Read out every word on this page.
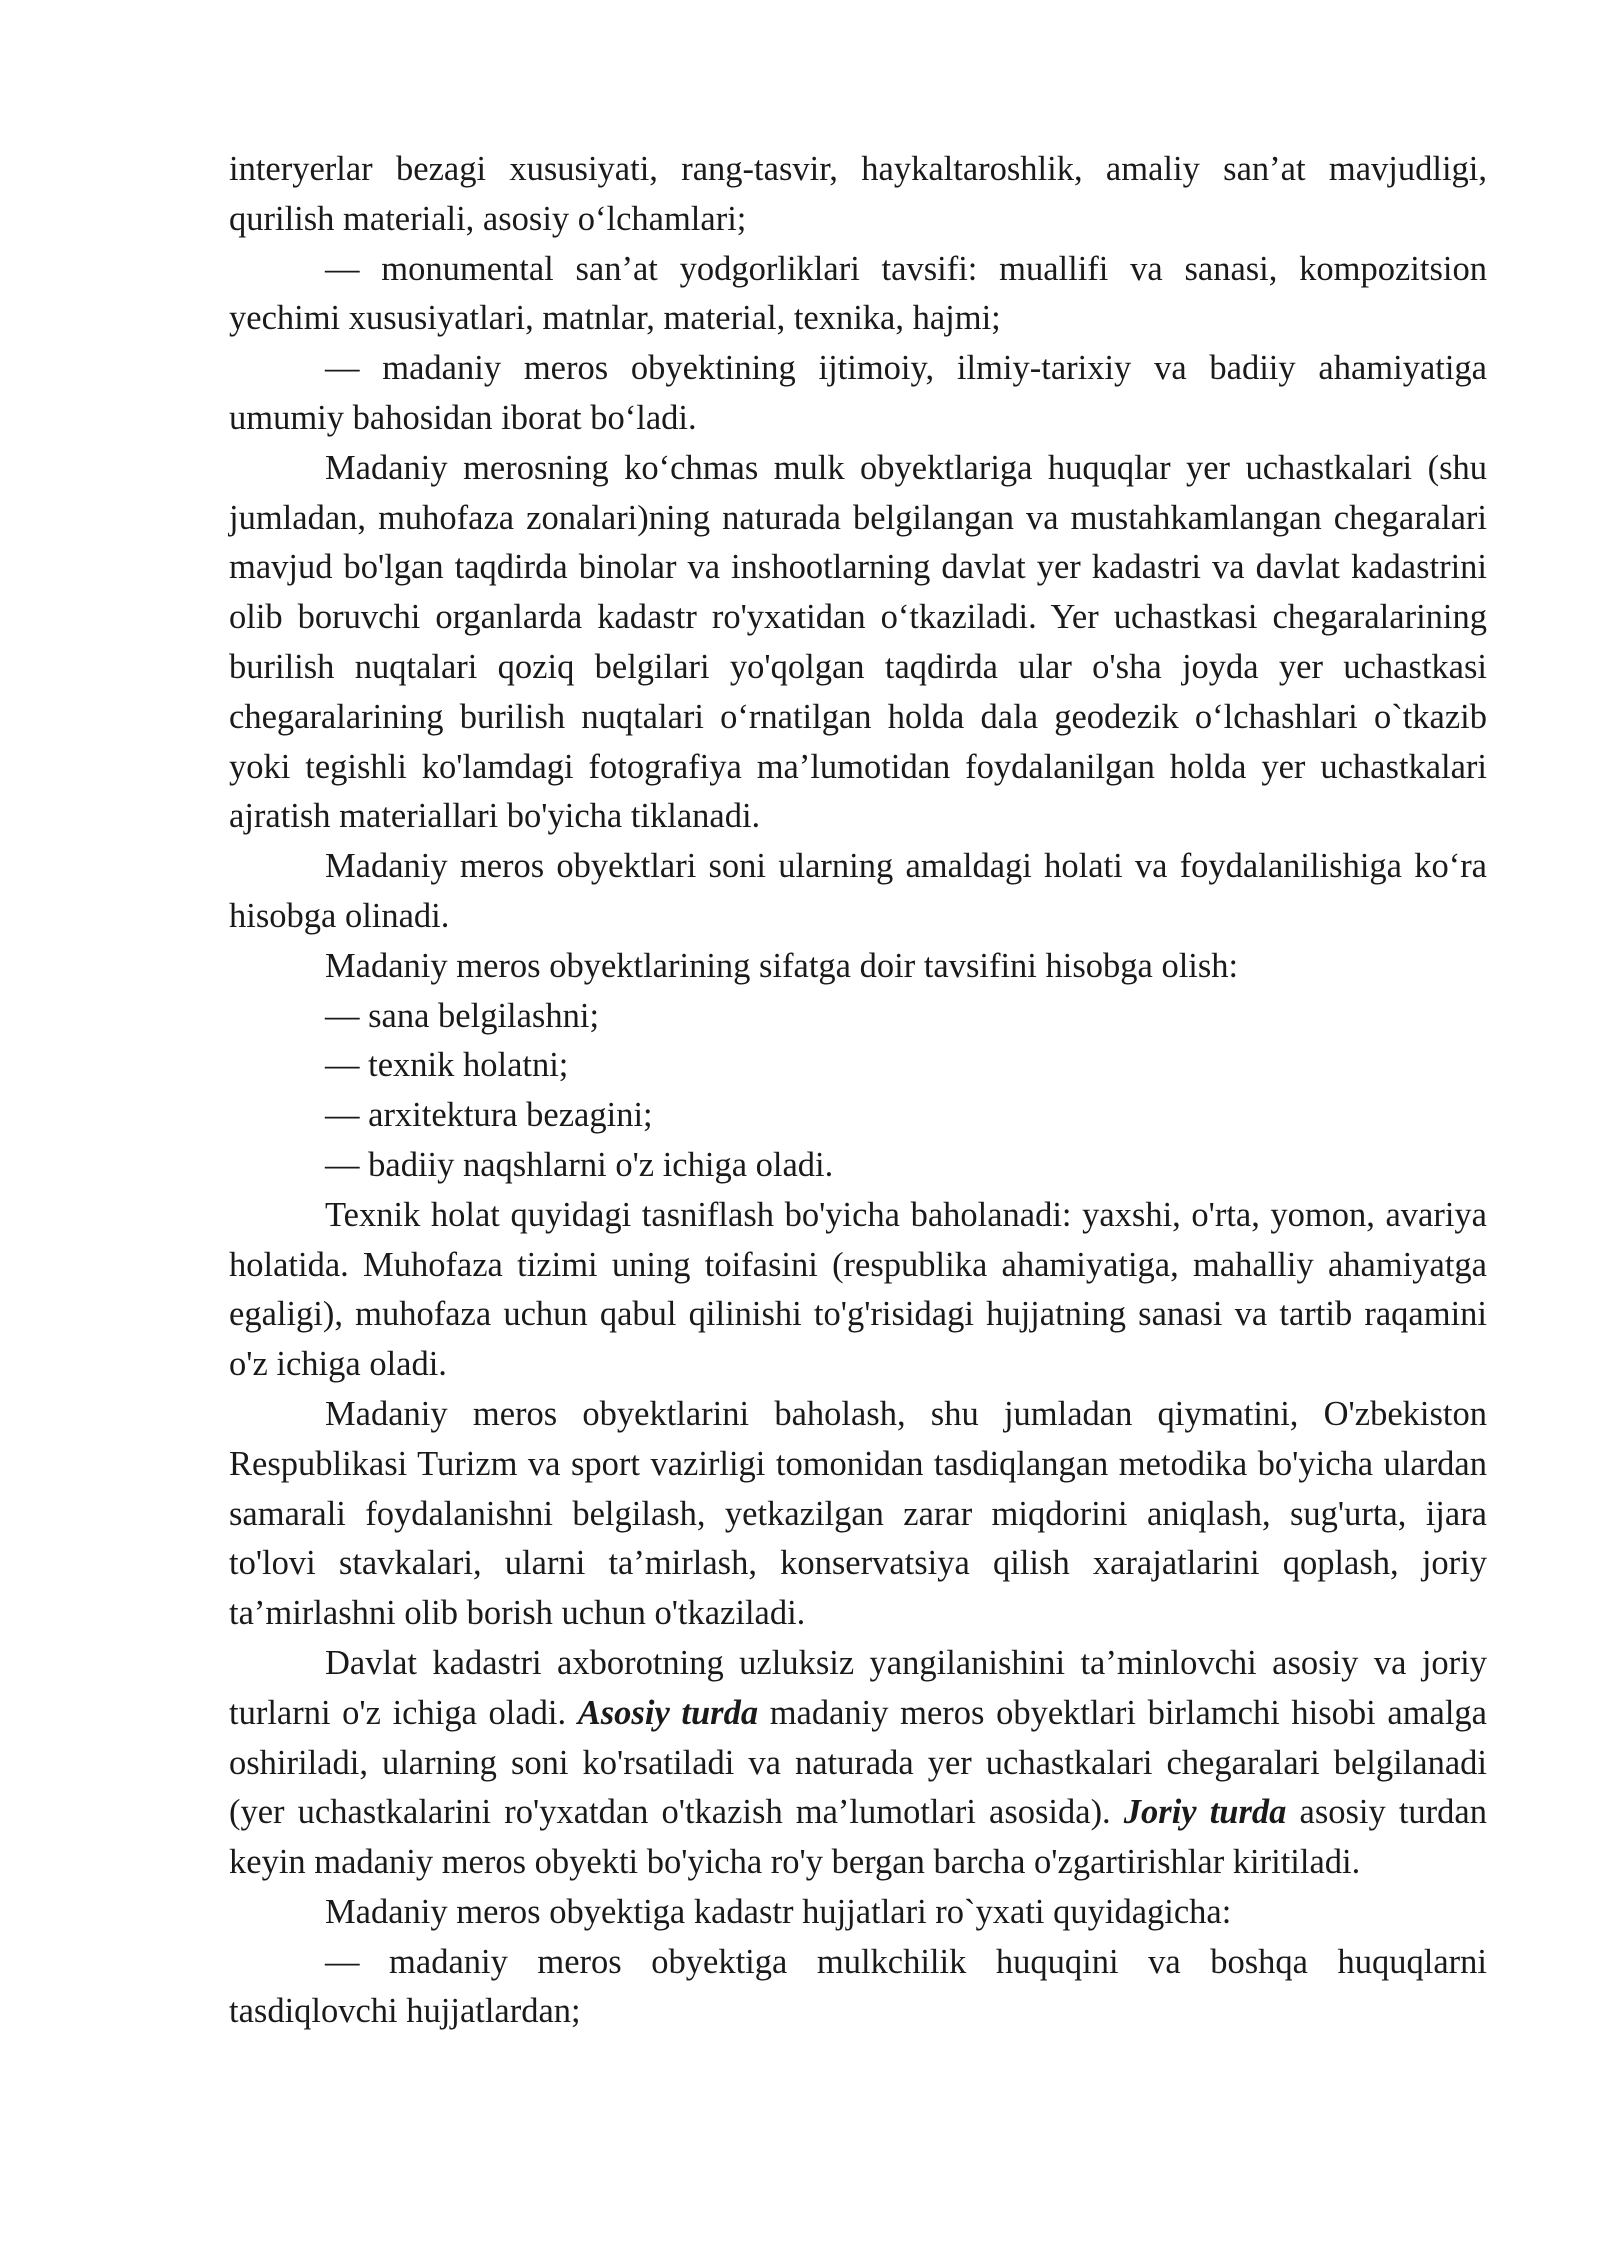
interyerlar bezagi xususiyati, rang-tasvir, haykaltaroshlik, amaliy san’at mavjudligi, qurilish materiali, asosiy o‘lchamlari;

— monumental san’at yodgorliklari tavsifi: muallifi va sanasi, kompozitsion yechimi xususiyatlari, matnlar, material, texnika, hajmi;

— madaniy meros obyektining ijtimoiy, ilmiy-tarixiy va badiiy ahamiyatiga umumiy bahosidan iborat bo‘ladi.

Madaniy merosning ko‘chmas mulk obyektlariga huquqlar yer uchastkalari (shu jumladan, muhofaza zonalari)ning naturada belgilangan va mustahkamlangan chegaralari mavjud bo'lgan taqdirda binolar va inshootlarning davlat yer kadastri va davlat kadastrini olib boruvchi organlarda kadastr ro'yxatidan o‘tkaziladi. Yer uchastkasi chegaralarining burilish nuqtalari qoziq belgilari yo'qolgan taqdirda ular o'sha joyda yer uchastkasi chegaralarining burilish nuqtalari o‘rnatilgan holda dala geodezik o‘lchashlari o`tkazib yoki tegishli ko'lamdagi fotografiya ma’lumotidan foydalanilgan holda yer uchastkalari ajratish materiallari bo'yicha tiklanadi.

Madaniy meros obyektlari soni ularning amaldagi holati va foydalanilishiga ko‘ra hisobga olinadi.

Madaniy meros obyektlarining sifatga doir tavsifini hisobga olish:

— sana belgilashni;

— texnik holatni;

— arxitektura bezagini;

— badiiy naqshlarni o'z ichiga oladi.

Texnik holat quyidagi tasniflash bo'yicha baholanadi: yaxshi, o'rta, yomon, avariya holatida. Muhofaza tizimi uning toifasini (respublika ahamiyatiga, mahalliy ahamiyatga egaligi), muhofaza uchun qabul qilinishi to'g'risidagi hujjatning sanasi va tartib raqamini o'z ichiga oladi.

Madaniy meros obyektlarini baholash, shu jumladan qiymatini, O'zbekiston Respublikasi Turizm va sport vazirligi tomonidan tasdiqlangan metodika bo'yicha ulardan samarali foydalanishni belgilash, yetkazilgan zarar miqdorini aniqlash, sug'urta, ijara to'lovi stavkalari, ularni ta’mirlash, konservatsiya qilish xarajatlarini qoplash, joriy ta’mirlashni olib borish uchun o'tkaziladi.

Davlat kadastri axborotning uzluksiz yangilanishini ta’minlovchi asosiy va joriy turlarni o'z ichiga oladi. Asosiy turda madaniy meros obyektlari birlamchi hisobi amalga oshiriladi, ularning soni ko'rsatiladi va naturada yer uchastkalari chegaralari belgilanadi (yer uchastkalarini ro'yxatdan o'tkazish ma’lumotlari asosida). Joriy turda asosiy turdan keyin madaniy meros obyekti bo'yicha ro'y bergan barcha o'zgartirishlar kiritiladi.

Madaniy meros obyektiga kadastr hujjatlari ro`yxati quyidagicha:

— madaniy meros obyektiga mulkchilik huquqini va boshqa huquqlarni tasdiqlovchi hujjatlardan;
